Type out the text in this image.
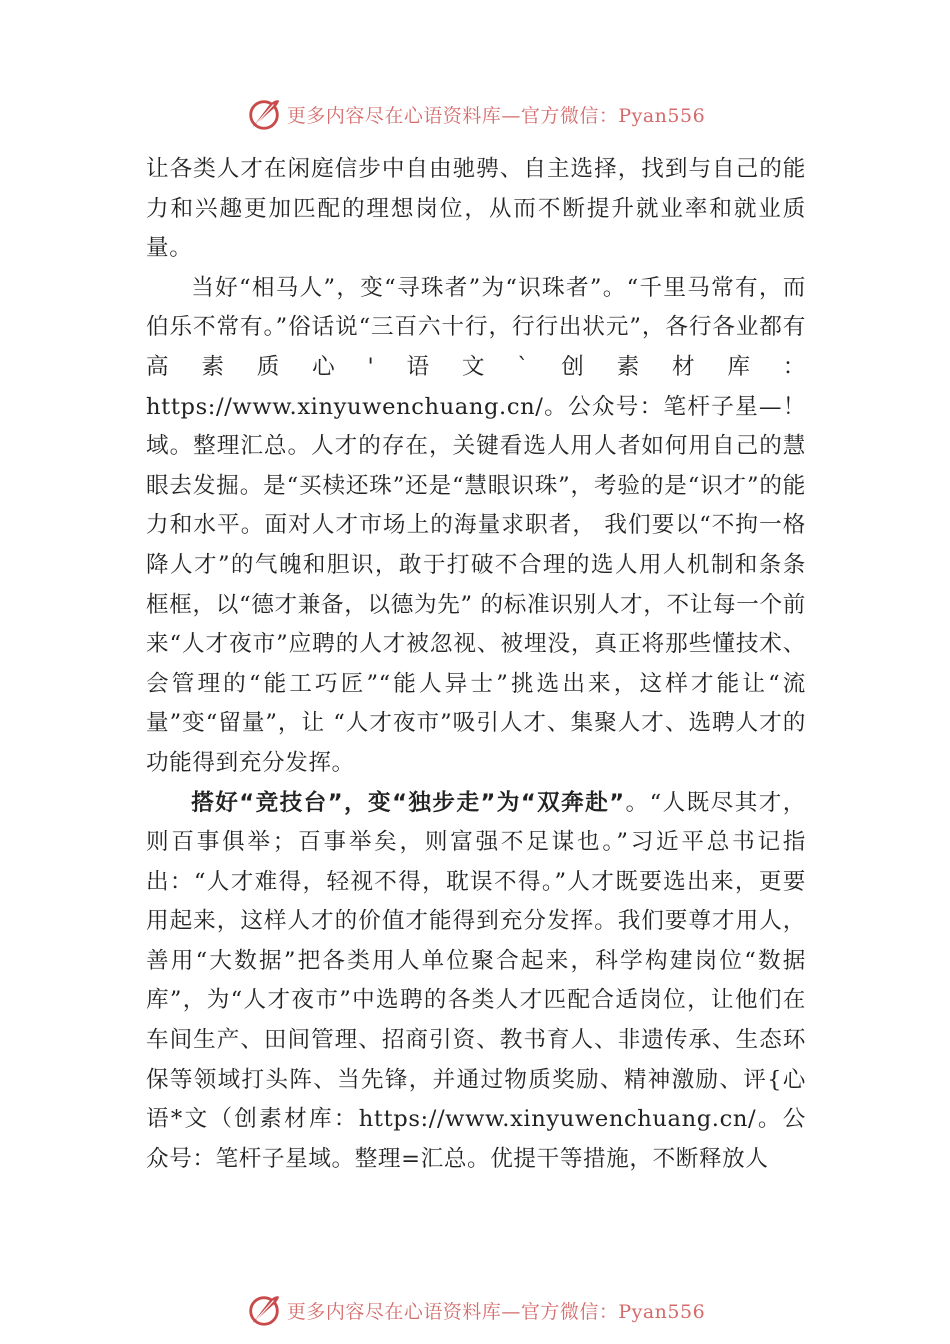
更多内容尽在心语资料库—官方微信：Pyan556

让各类人才在闲庭信步中自由驰骋、自主选择，找到与自己的能力和兴趣更加匹配的理想岗位，从而不断提升就业率和就业质量。

当好“相马人”，变“寻珠者”为“识珠者”。“千里马常有，而伯乐不常有。”俗话说“三百六十行，行行出状元”，各行各业都有高素质心'语文`创素材库：https://www.xinyuwenchuang.cn/。公众号：笔杆子星—！域。整理汇总。人才的存在，关键看选人用人者如何用自己的慧眼去发掘。是“买椟还珠”还是“慧眼识珠”，考验的是“识才”的能力和水平。面对人才市场上的海量求职者， 我们要以“不拘一格降人才”的气魄和胆识，敢于打破不合理的选人用人机制和条条框框，以“德才兼备，以德为先” 的标准识别人才，不让每一个前来“人才夜市”应聘的人才被忽视、被埋没，真正将那些懂技术、会管理的“能工巧匠”“能人异士”挑选出来，这样才能让“流量”变“留量”，让 “人才夜市”吸引人才、集聚人才、选聘人才的功能得到充分发挥。

搭好“竞技台”，变“独步走”为“双奔赴”。“人既尽其才，则百事俱举；百事举矣，则富强不足谋也。”习近平总书记指出：“人才难得，轻视不得，耽误不得。”人才既要选出来，更要用起来，这样人才的价值才能得到充分发挥。我们要尊才用人，善用“大数据”把各类用人单位聚合起来，科学构建岗位“数据库”，为“人才夜市”中选聘的各类人才匹配合适岗位，让他们在车间生产、田间管理、招商引资、教书育人、非遗传承、生态环保等领域打头阵、当先锋，并通过物质奖励、精神激励、评{心语*文（创素材库：https://www.xinyuwenchuang.cn/。公众号：笔杆子星域。整理=汇总。优提干等措施，不断释放人

更多内容尽在心语资料库—官方微信：Pyan556
